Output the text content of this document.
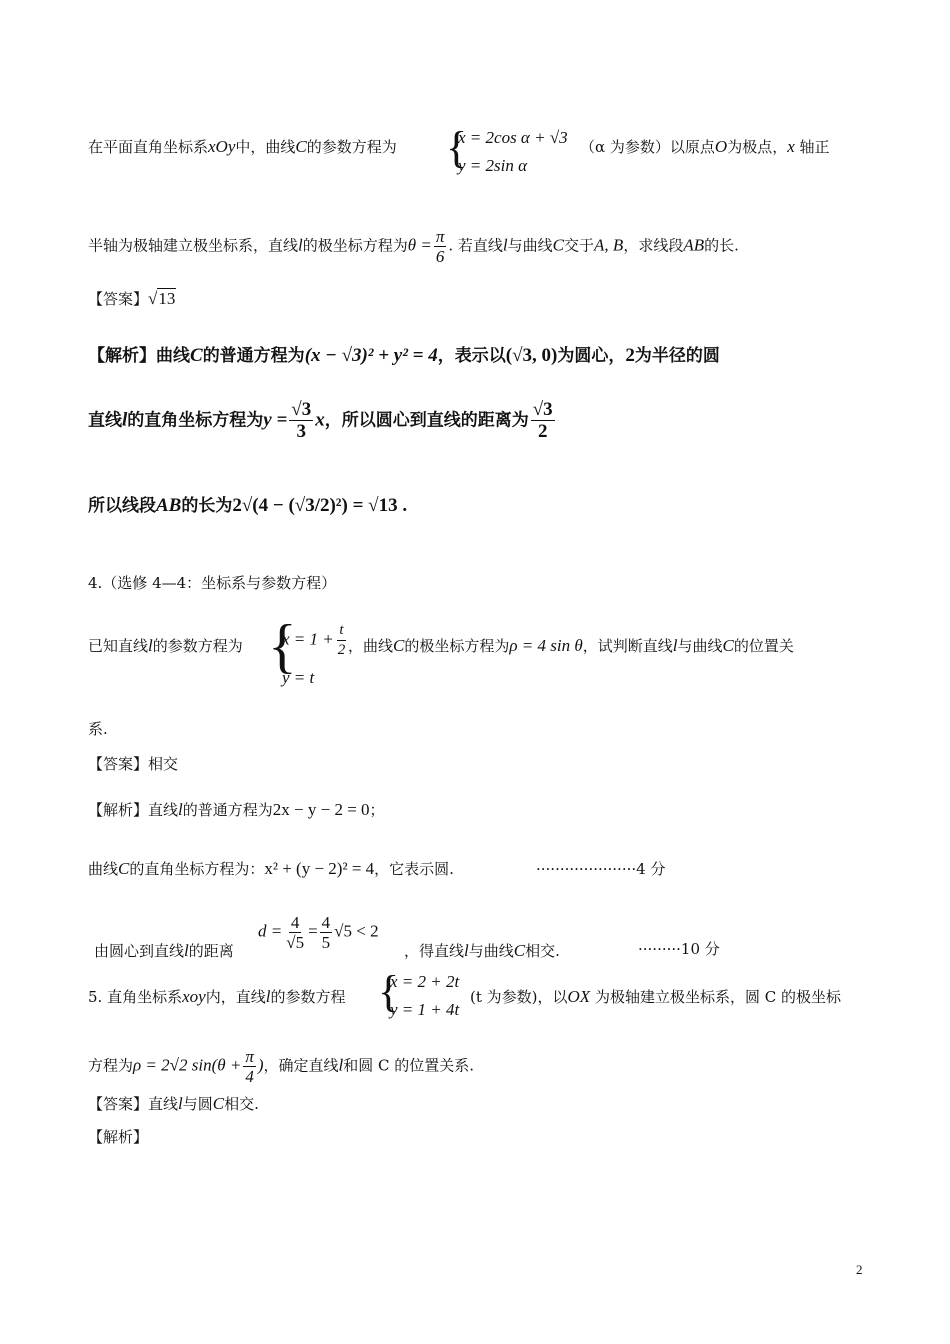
在平面直角坐标系xOy中，曲线C的参数方程为 {
x = 2cos α + √3
y = 2sin α
（α 为参数）以原点O为极点，x 轴正
半轴为极轴建立极坐标系，直线l的极坐标方程为$\theta = \frac{\pi}{6}$ . 若直线l与曲线C交于A, B，求线段AB的长.
【答案】√13
【解析】曲线C的普通方程为(x − √3)² + y² = 4，表示以(√3, 0)为圆心，2为半径的圆
直线l的直角坐标方程为$y = \frac{√3}{3}$ x，所以圆心到直线的距离为 $\frac{√3}{2}$
所以线段AB的长为2√(4 − (√3/2)²) = √13 .
4.（选修 4—4：坐标系与参数方程）
已知直线l的参数方程为 {
$x = 1 + \frac{t}{2}$
y = t
，曲线C的极坐标方程为ρ = 4 sin θ，试判断直线l与曲线C的位置关
系.
【答案】相交
【解析】直线l的普通方程为2x − y − 2 = 0；
曲线C的直角坐标方程为：x² + (y − 2)² = 4，它表示圆.	·····················4 分
$d = \frac{4}{√5} = \frac{4}{5} √5 < 2$
由圆心到直线l的距离	，得直线l与曲线C相交.	·········10 分
5. 直角坐标系xoy内，直线l的参数方程 {
x = 2 + 2t
y = 1 + 4t
(t 为参数)，以OX 为极轴建立极坐标系，圆 C 的极坐标
方程为ρ = 2√2 $\sin(\theta + \frac{\pi}{4}$ )，确定直线l和圆 C 的位置关系.
【答案】直线l与圆C相交.
【解析】
2
